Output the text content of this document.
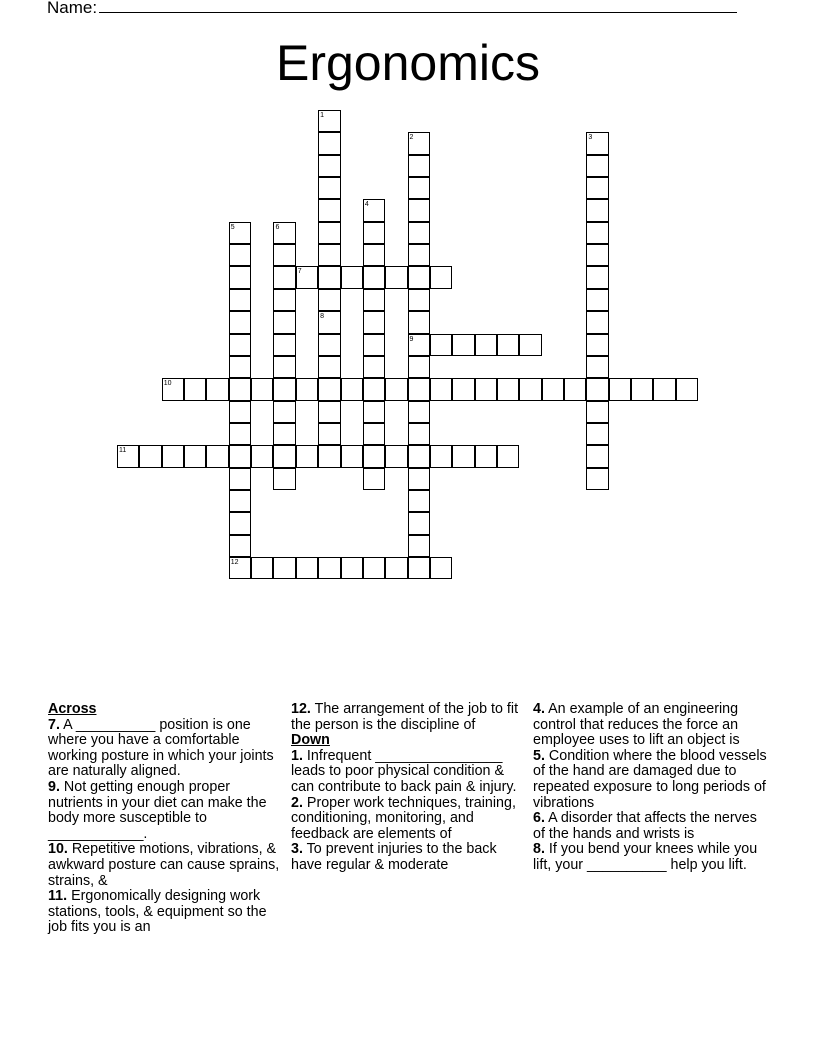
Name:
Ergonomics
1
2	3
4
5	6
7
8
9
10
11
12
Across

7. A __________ position is one where you have a comfortable working posture in which your joints are naturally aligned.

9. Not getting enough proper nutrients in your diet can make the body more susceptible to ____________.

10. Repetitive motions, vibrations, & awkward posture can cause sprains, strains, &

11. Ergonomically designing work stations, tools, & equipment so the job fits you is an

12. The arrangement of the job to fit the person is the discipline of

Down

1. Infrequent ________________ leads to poor physical condition & can contribute to back pain & injury.

2. Proper work techniques, training, conditioning, monitoring, and feedback are elements of

3. To prevent injuries to the back have regular & moderate

4. An example of an engineering control that reduces the force an employee uses to lift an object is

5. Condition where the blood vessels of the hand are damaged due to repeated exposure to long periods of vibrations

6. A disorder that affects the nerves of the hands and wrists is

8. If you bend your knees while you lift, your __________ help you lift.
